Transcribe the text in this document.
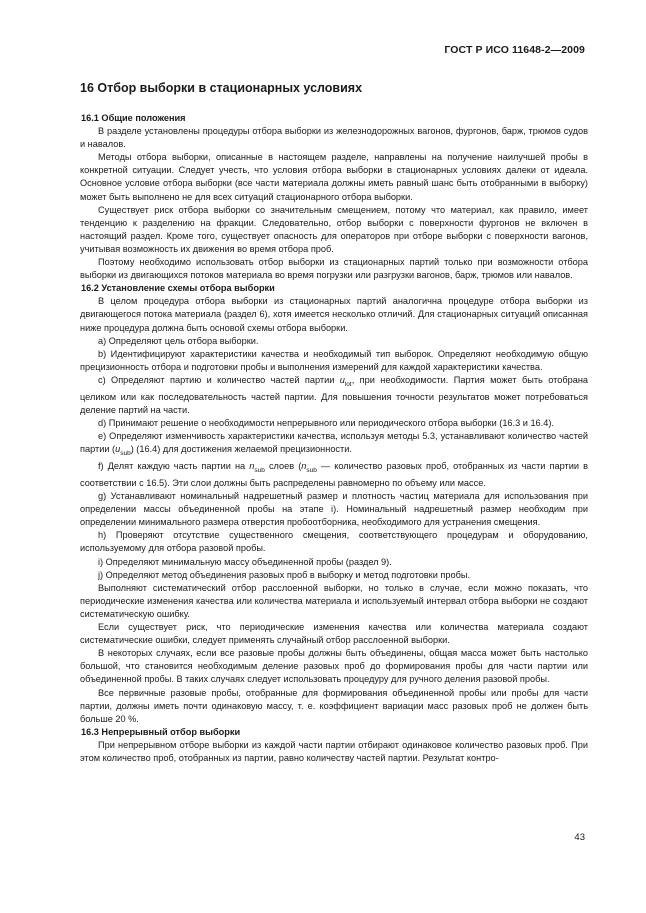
ГОСТ Р ИСО 11648-2—2009
16 Отбор выборки в стационарных условиях
16.1 Общие положения

В разделе установлены процедуры отбора выборки из железнодорожных вагонов, фургонов, барж, трюмов судов и навалов.

Методы отбора выборки, описанные в настоящем разделе, направлены на получение наилучшей пробы в конкретной ситуации. Следует учесть, что условия отбора выборки в стационарных условиях далеки от идеала. Основное условие отбора выборки (все части материала должны иметь равный шанс быть отобранными в выборку) может быть выполнено не для всех ситуаций стационарного отбора выборки.

Существует риск отбора выборки со значительным смещением, потому что материал, как правило, имеет тенденцию к разделению на фракции. Следовательно, отбор выборки с поверхности фургонов не включен в настоящий раздел. Кроме того, существует опасность для операторов при отборе выборки с поверхности вагонов, учитывая возможность их движения во время отбора проб.

Поэтому необходимо использовать отбор выборки из стационарных партий только при возможности отбора выборки из двигающихся потоков материала во время погрузки или разгрузки вагонов, барж, трюмов или навалов.

16.2 Установление схемы отбора выборки

В целом процедура отбора выборки из стационарных партий аналогична процедуре отбора выборки из двигающегося потока материала (раздел 6), хотя имеется несколько отличий. Для стационарных ситуаций описанная ниже процедура должна быть основой схемы отбора выборки.

a) Определяют цель отбора выборки.

b) Идентифицируют характеристики качества и необходимый тип выборок. Определяют необходимую общую прецизионность отбора и подготовки пробы и выполнения измерений для каждой характеристики качества.

c) Определяют партию и количество частей партии $u_{lot}$, при необходимости. Партия может быть отобрана целиком или как последовательность частей партии. Для повышения точности результатов может потребоваться деление партий на части.

d) Принимают решение о необходимости непрерывного или периодического отбора выборки (16.3 и 16.4).

e) Определяют изменчивость характеристики качества, используя методы 5.3, устанавливают количество частей партии $(u_{sub})$ (16.4) для достижения желаемой прецизионности.

f) Делят каждую часть партии на $n_{sub}$ слоев ($n_{sub}$ — количество разовых проб, отобранных из части партии в соответствии с 16.5). Эти слои должны быть распределены равномерно по объему или массе.

g) Устанавливают номинальный надрешетный размер и плотность частиц материала для использования при определении массы объединенной пробы на этапе i). Номинальный надрешетный размер необходим при определении минимального размера отверстия пробоотборника, необходимого для устранения смещения.

h) Проверяют отсутствие существенного смещения, соответствующего процедурам и оборудованию, используемому для отбора разовой пробы.

i) Определяют минимальную массу объединенной пробы (раздел 9).

j) Определяют метод объединения разовых проб в выборку и метод подготовки пробы.

Выполняют систематический отбор расслоенной выборки, но только в случае, если можно показать, что периодические изменения качества или количества материала и используемый интервал отбора выборки не создают систематическую ошибку.

Если существует риск, что периодические изменения качества или количества материала создают систематические ошибки, следует применять случайный отбор расслоенной выборки.

В некоторых случаях, если все разовые пробы должны быть объединены, общая масса может быть настолько большой, что становится необходимым деление разовых проб до формирования пробы для части партии или объединенной пробы. В таких случаях следует использовать процедуру для ручного деления разовой пробы.

Все первичные разовые пробы, отобранные для формирования объединенной пробы или пробы для части партии, должны иметь почти одинаковую массу, т. е. коэффициент вариации масс разовых проб не должен быть больше 20 %.

16.3 Непрерывный отбор выборки

При непрерывном отборе выборки из каждой части партии отбирают одинаковое количество разовых проб. При этом количество проб, отобранных из партии, равно количеству частей партии. Результат контро-

43
